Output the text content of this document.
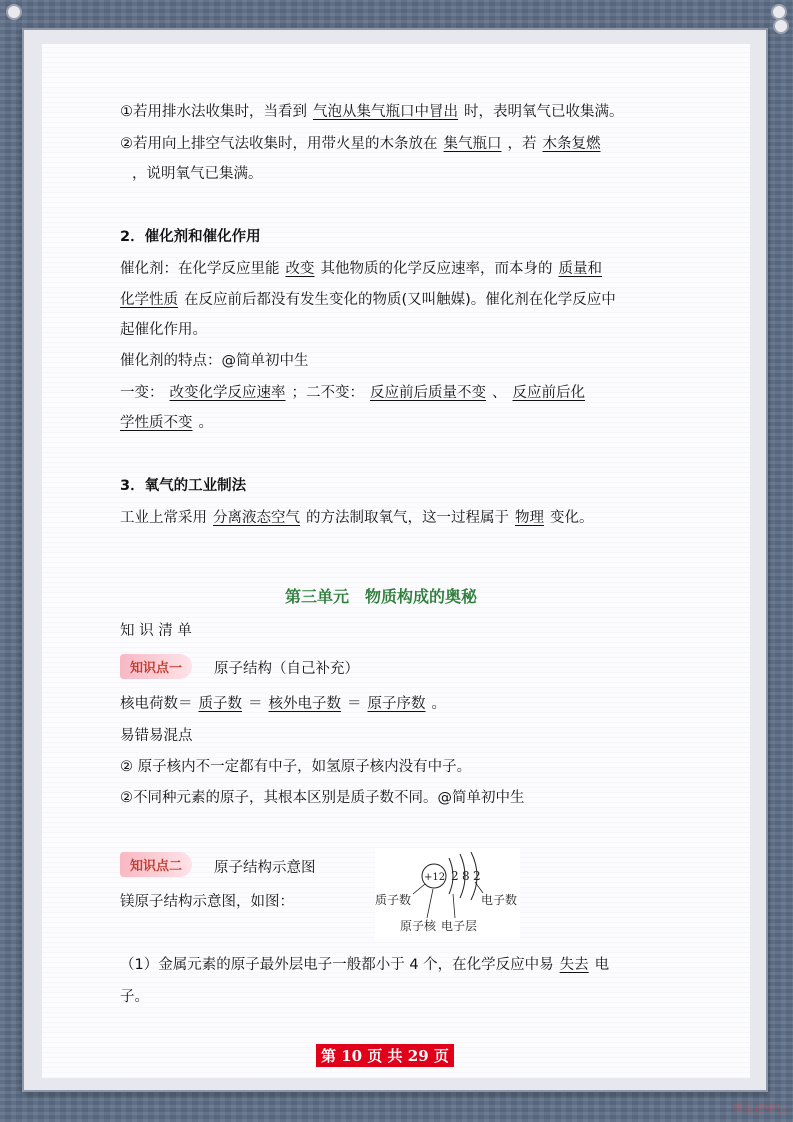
①若用排水法收集时，当看到 气泡从集气瓶口中冒出 时，表明氧气已收集满。
②若用向上排空气法收集时，用带火星的木条放在 集气瓶口 ，若 木条复燃
，说明氧气已集满。
2．催化剂和催化作用
催化剂：在化学反应里能 改变 其他物质的化学反应速率，而本身的 质量和
化学性质 在反应前后都没有发生变化的物质(又叫触媒)。催化剂在化学反应中
起催化作用。
催化剂的特点：@简单初中生
一变： 改变化学反应速率 ；二不变： 反应前后质量不变 、 反应前后化
学性质不变 。
3．氧气的工业制法
工业上常采用 分离液态空气 的方法制取氧气，这一过程属于 物理 变化。
知 识 清 单
知识点一	原子结构（自己补充）
核电荷数＝ 质子数 ＝ 核外电子数 ＝ 原子序数 。
易错易混点
② 原子核内不一定都有中子，如氢原子核内没有中子。
②不同种元素的原子，其根本区别是质子数不同。@简单初中生
知识点二	原子结构示意图
镁原子结构示意图，如图：
（1）金属元素的原子最外层电子一般都小于 4 个，在化学反应中易 失去 电
子。
第三单元　物质构成的奥秘
+12 2 8 2
质子数	电子数
原子核 电子层
第 10 页 共 29 页
简单初中生
